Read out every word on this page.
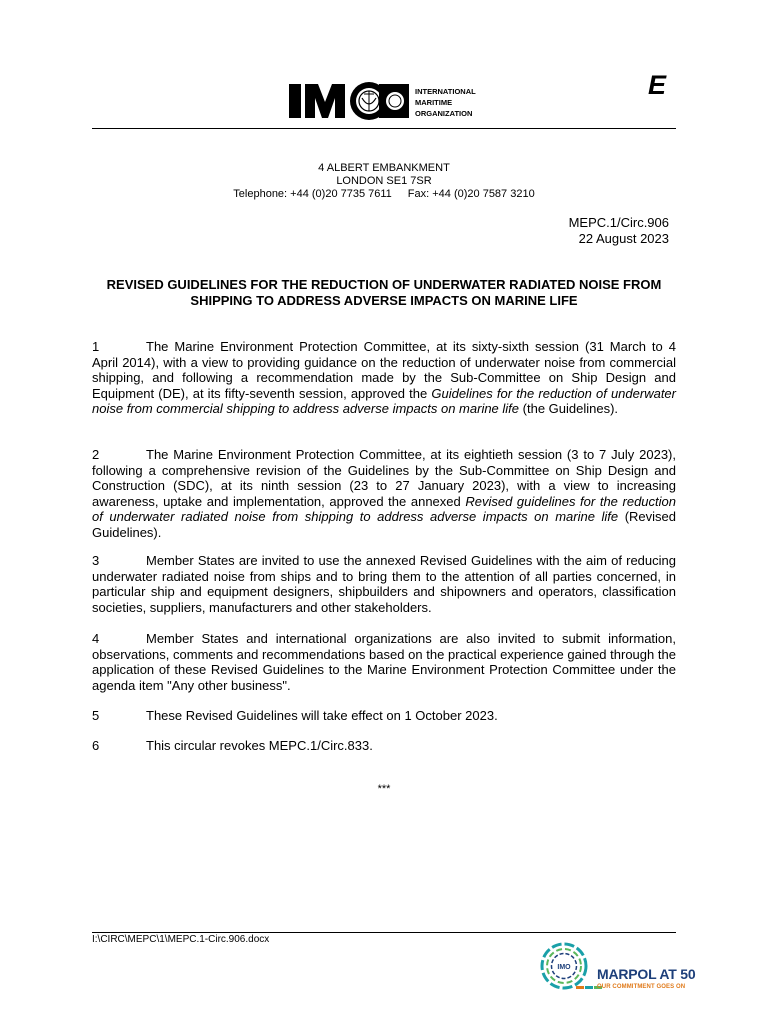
INTERNATIONAL
MARITIME
ORGANIZATION
E
4 ALBERT EMBANKMENT
LONDON SE1 7SR
Telephone: +44 (0)20 7735 7611 Fax: +44 (0)20 7587 3210
MEPC.1/Circ.906
22 August 2023
REVISED GUIDELINES FOR THE REDUCTION OF UNDERWATER RADIATED NOISE FROM SHIPPING TO ADDRESS ADVERSE IMPACTS ON MARINE LIFE
1	The Marine Environment Protection Committee, at its sixty-sixth session (31 March to 4 April 2014), with a view to providing guidance on the reduction of underwater noise from commercial shipping, and following a recommendation made by the Sub-Committee on Ship Design and Equipment (DE), at its fifty-seventh session, approved the Guidelines for the reduction of underwater noise from commercial shipping to address adverse impacts on marine life (the Guidelines).
2	The Marine Environment Protection Committee, at its eightieth session (3 to 7 July 2023), following a comprehensive revision of the Guidelines by the Sub-Committee on Ship Design and Construction (SDC), at its ninth session (23 to 27 January 2023), with a view to increasing awareness, uptake and implementation, approved the annexed Revised guidelines for the reduction of underwater radiated noise from shipping to address adverse impacts on marine life (Revised Guidelines).
3	Member States are invited to use the annexed Revised Guidelines with the aim of reducing underwater radiated noise from ships and to bring them to the attention of all parties concerned, in particular ship and equipment designers, shipbuilders and shipowners and operators, classification societies, suppliers, manufacturers and other stakeholders.
4	Member States and international organizations are also invited to submit information, observations, comments and recommendations based on the practical experience gained through the application of these Revised Guidelines to the Marine Environment Protection Committee under the agenda item "Any other business".
5	These Revised Guidelines will take effect on 1 October 2023.
6	This circular revokes MEPC.1/Circ.833.
***
I:\CIRC\MEPC\1\MEPC.1-Circ.906.docx
IMO MARPOL AT 50
OUR COMMITMENT GOES ON
